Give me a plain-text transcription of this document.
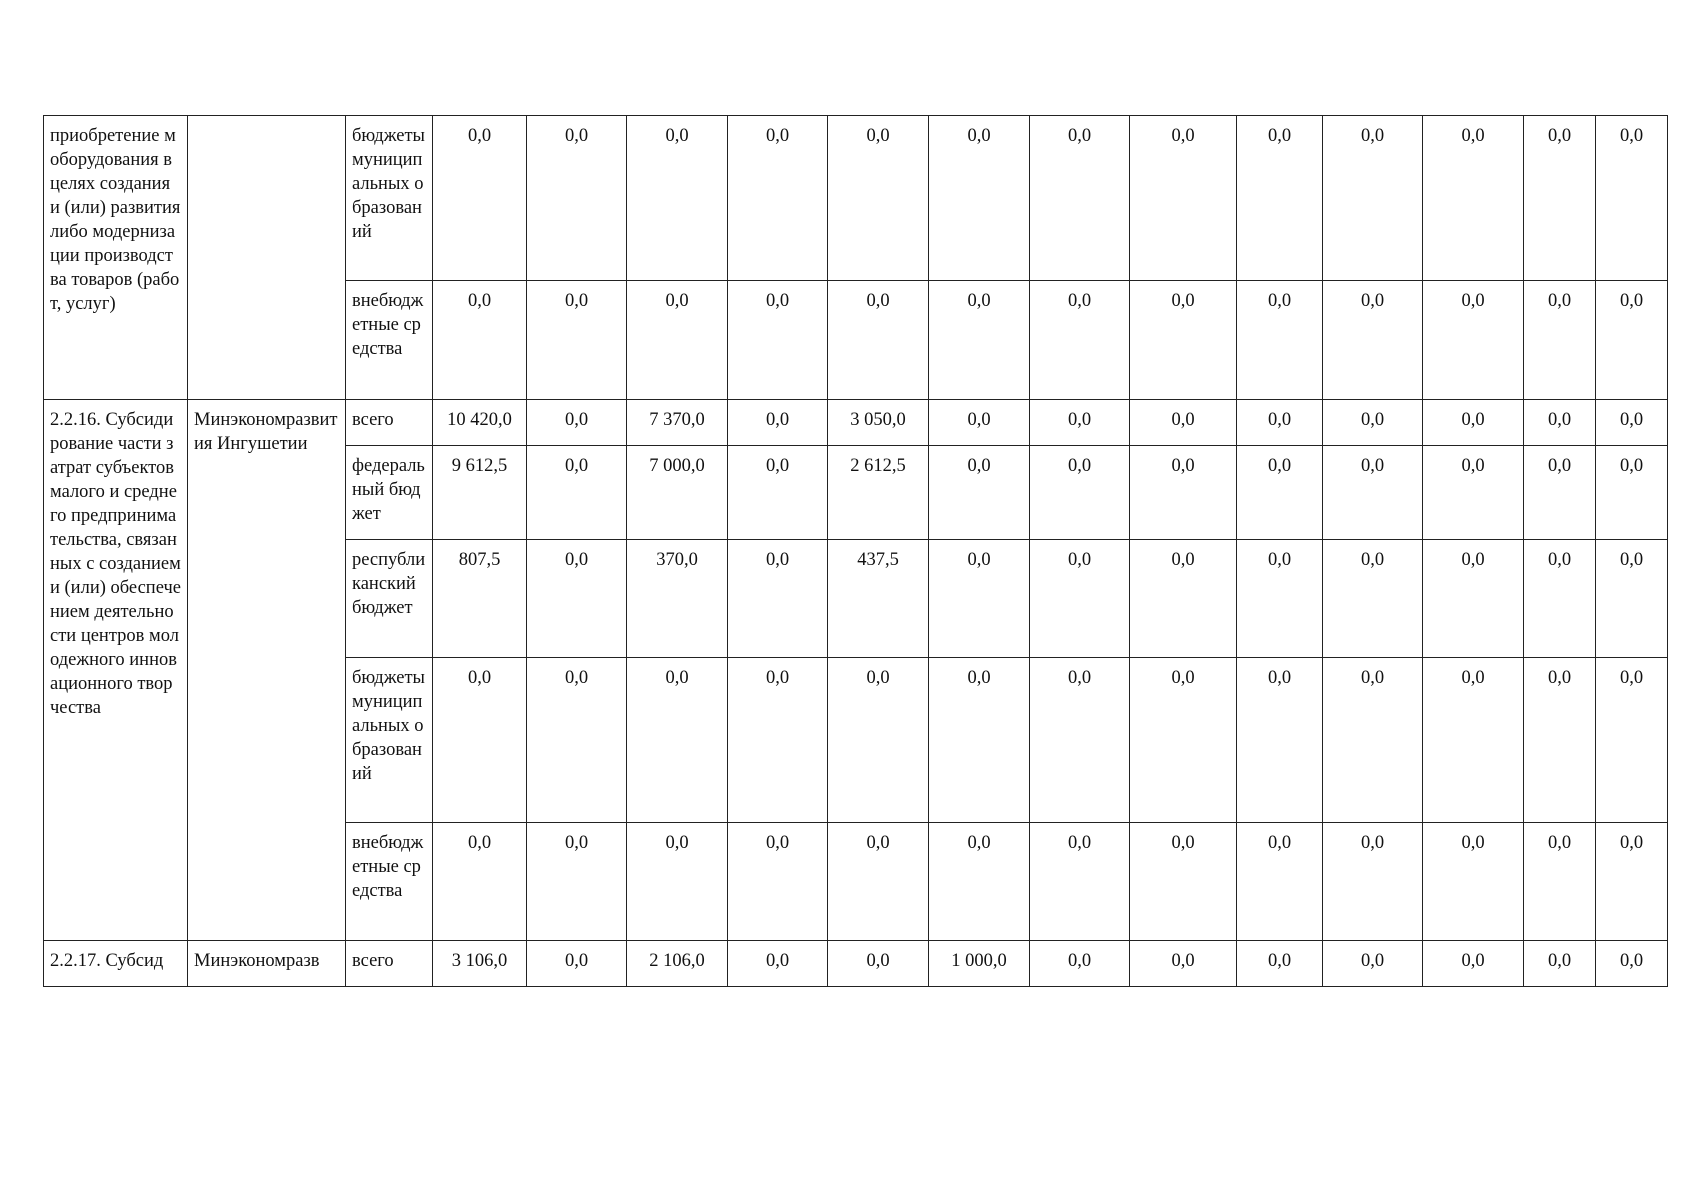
приобретение м оборудования в целях создания и (или) развития либо модернизации производства товаров (работ, услуг)		бюджеты муниципальных образований	0,0	0,0	0,0	0,0	0,0	0,0	0,0	0,0	0,0	0,0	0,0	0,0	0,0
		внебюджетные средства	0,0	0,0	0,0	0,0	0,0	0,0	0,0	0,0	0,0	0,0	0,0	0,0	0,0
2.2.16. Субсидирование части затрат субъектов малого и среднего предпринимательства, связанных с созданием и (или) обеспечением деятельности центров молодежного инновационного творчества	Минэкономразвития Ингушетии	всего	10 420,0	0,0	7 370,0	0,0	3 050,0	0,0	0,0	0,0	0,0	0,0	0,0	0,0	0,0
		федеральный бюджет	9 612,5	0,0	7 000,0	0,0	2 612,5	0,0	0,0	0,0	0,0	0,0	0,0	0,0	0,0
		республиканский бюджет	807,5	0,0	370,0	0,0	437,5	0,0	0,0	0,0	0,0	0,0	0,0	0,0	0,0
		бюджеты муниципальных образований	0,0	0,0	0,0	0,0	0,0	0,0	0,0	0,0	0,0	0,0	0,0	0,0	0,0
		внебюджетные средства	0,0	0,0	0,0	0,0	0,0	0,0	0,0	0,0	0,0	0,0	0,0	0,0	0,0
2.2.17. Субсид	Минэкономразв	всего	3 106,0	0,0	2 106,0	0,0	0,0	1 000,0	0,0	0,0	0,0	0,0	0,0	0,0	0,0
